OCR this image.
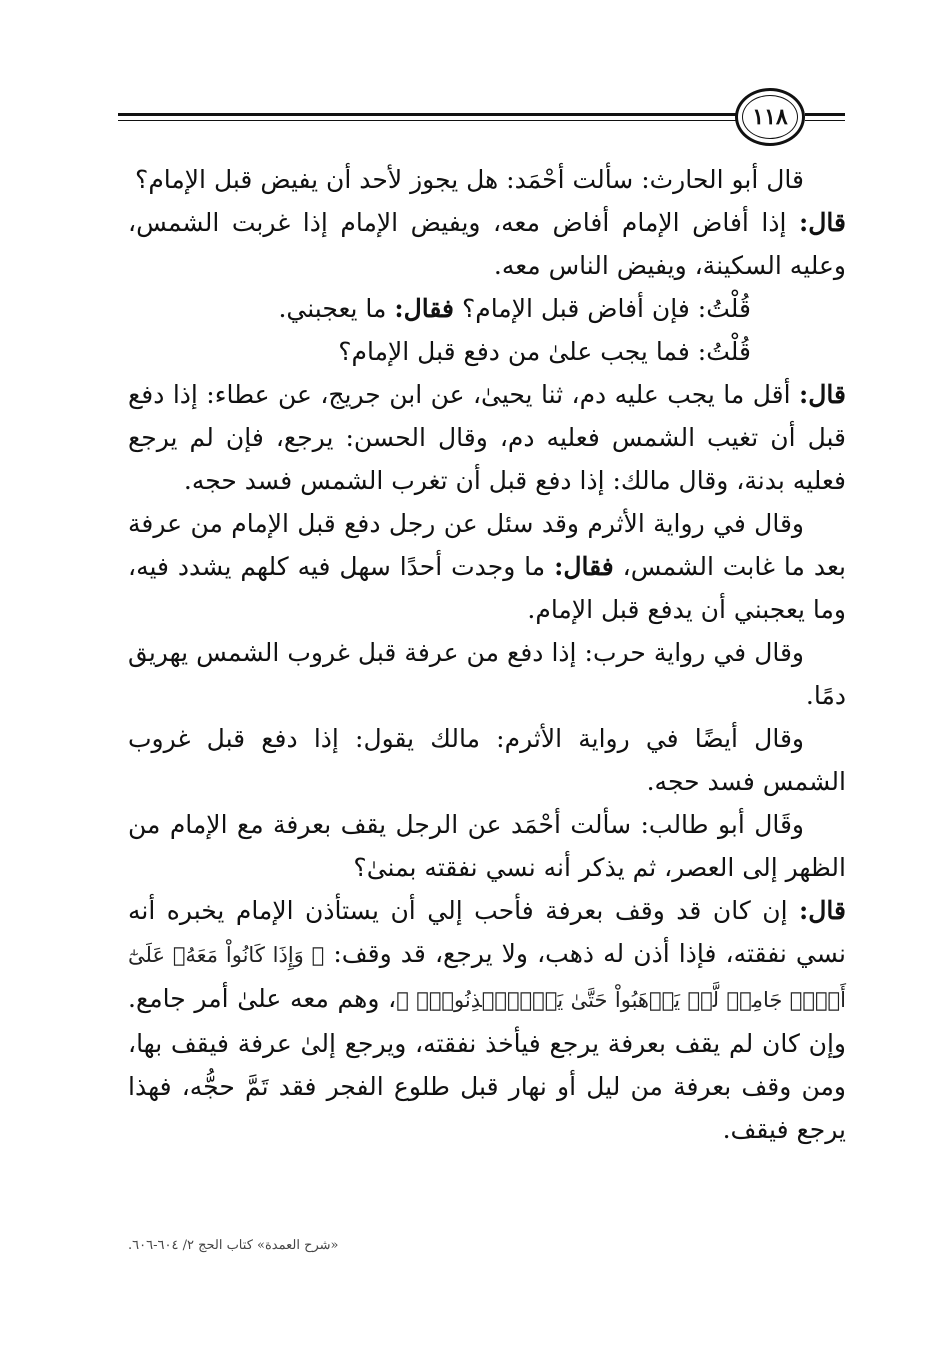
١١٨

قال أبو الحارث: سألت أحْمَد: هل يجوز لأحد أن يفيض قبل الإمام؟

قال: إذا أفاض الإمام أفاض معه، ويفيض الإمام إذا غربت الشمس، وعليه السكينة، ويفيض الناس معه.

قُلْتُ: فإن أفاض قبل الإمام؟ فقال: ما يعجبني.

قُلْتُ: فما يجب علىٰ من دفع قبل الإمام؟

قال: أقل ما يجب عليه دم، ثنا يحيىٰ، عن ابن جريج، عن عطاء: إذا دفع قبل أن تغيب الشمس فعليه دم، وقال الحسن: يرجع، فإن لم يرجع فعليه بدنة، وقال مالك: إذا دفع قبل أن تغرب الشمس فسد حجه.

وقال في رواية الأثرم وقد سئل عن رجل دفع قبل الإمام من عرفة بعد ما غابت الشمس، فقال: ما وجدت أحدًا سهل فيه كلهم يشدد فيه، وما يعجبني أن يدفع قبل الإمام.

وقال في رواية حرب: إذا دفع من عرفة قبل غروب الشمس يهريق دمًا.

وقال أيضًا في رواية الأثرم: مالك يقول: إذا دفع قبل غروب الشمس فسد حجه.

وقَال أبو طالب: سألت أحْمَد عن الرجل يقف بعرفة مع الإمام من الظهر إلى العصر، ثم يذكر أنه نسي نفقته بمنىٰ؟

قال: إن كان قد وقف بعرفة فأحب إلي أن يستأذن الإمام يخبره أنه نسي نفقته، فإذا أذن له ذهب، ولا يرجع، قد وقف: ﴿ وَإِذَا كَانُواْ مَعَهُۥ عَلَىٰٓ أَمۡرٖ جَامِعٖ لَّمۡ يَذۡهَبُواْ حَتَّىٰ يَسۡتَٔۡذِنُوهُۚ ﴾، وهم معه علىٰ أمر جامع. وإن كان لم يقف بعرفة يرجع فيأخذ نفقته، ويرجع إلىٰ عرفة فيقف بها، ومن وقف بعرفة من ليل أو نهار قبل طلوع الفجر فقد تَمَّ حجُّه، فهذا يرجع فيقف.

«شرح العمدة» كتاب الحج ٢/ ٦٠٤-٦٠٦.
